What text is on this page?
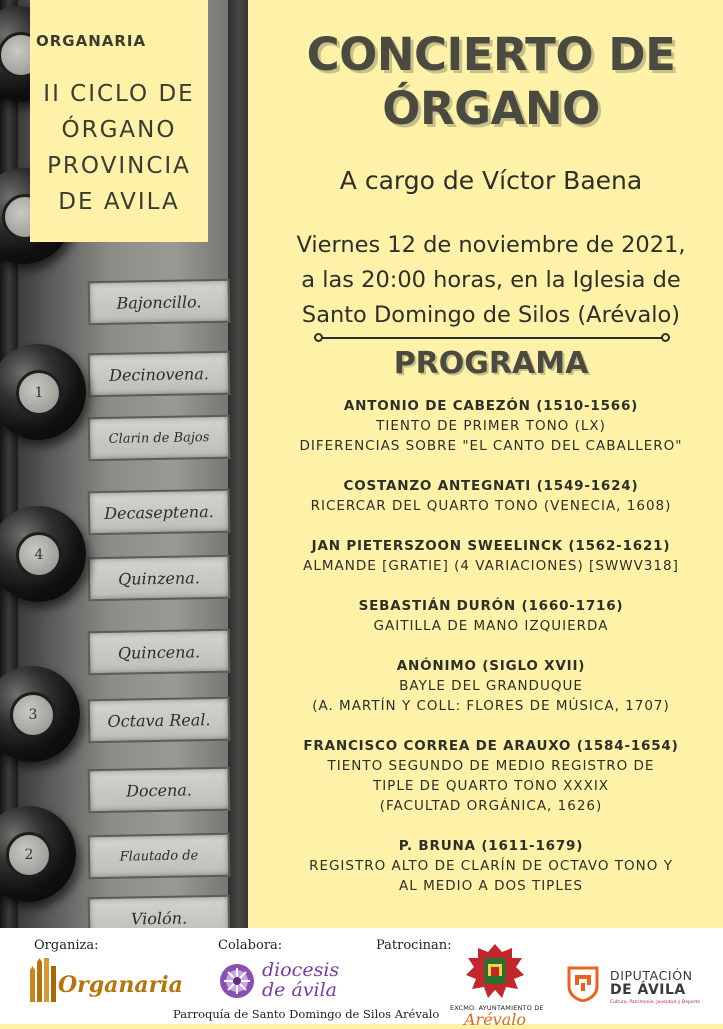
Bajoncillo.
Decinovena.
Clarin de Bajos
Decaseptena.
Quinzena.
Quincena.
Octava Real.
Docena.
Flautado de
Violón.
1
4
3
2
ORGANARIA
II CICLO DE
ÓRGANO
PROVINCIA
DE AVILA
CONCIERTO DE
ÓRGANO
A cargo de Víctor Baena
Viernes 12 de noviembre de 2021,
a las 20:00 horas, en la Iglesia de
Santo Domingo de Silos (Arévalo)
PROGRAMA
ANTONIO DE CABEZÓN (1510-1566)
TIENTO DE PRIMER TONO (LX)
DIFERENCIAS SOBRE "EL CANTO DEL CABALLERO"
COSTANZO ANTEGNATI (1549-1624)
RICERCAR DEL QUARTO TONO (VENECIA, 1608)
JAN PIETERSZOON SWEELINCK (1562-1621)
ALMANDE [GRATIE] (4 VARIACIONES) [SWWV318]
SEBASTIÁN DURÓN (1660-1716)
GAITILLA DE MANO IZQUIERDA
ANÓNIMO (SIGLO XVII)
BAYLE DEL GRANDUQUE
(A. MARTÍN Y COLL: FLORES DE MÚSICA, 1707)
FRANCISCO CORREA DE ARAUXO (1584-1654)
TIENTO SEGUNDO DE MEDIO REGISTRO DE
TIPLE DE QUARTO TONO XXXIX
(FACULTAD ORGÁNICA, 1626)
P. BRUNA (1611-1679)
REGISTRO ALTO DE CLARÍN DE OCTAVO TONO Y
AL MEDIO A DOS TIPLES
Organiza:	Colabora:	Patrocinan:
Organaria
diocesis
de ávila
Parroquía de Santo Domingo de Silos Arévalo EXCMO. AYUNTAMIENTO DE
Arévalo
DIPUTACIÓN
DE ÁVILA
Cultura, Patrimonio, Juventud y Deporte
